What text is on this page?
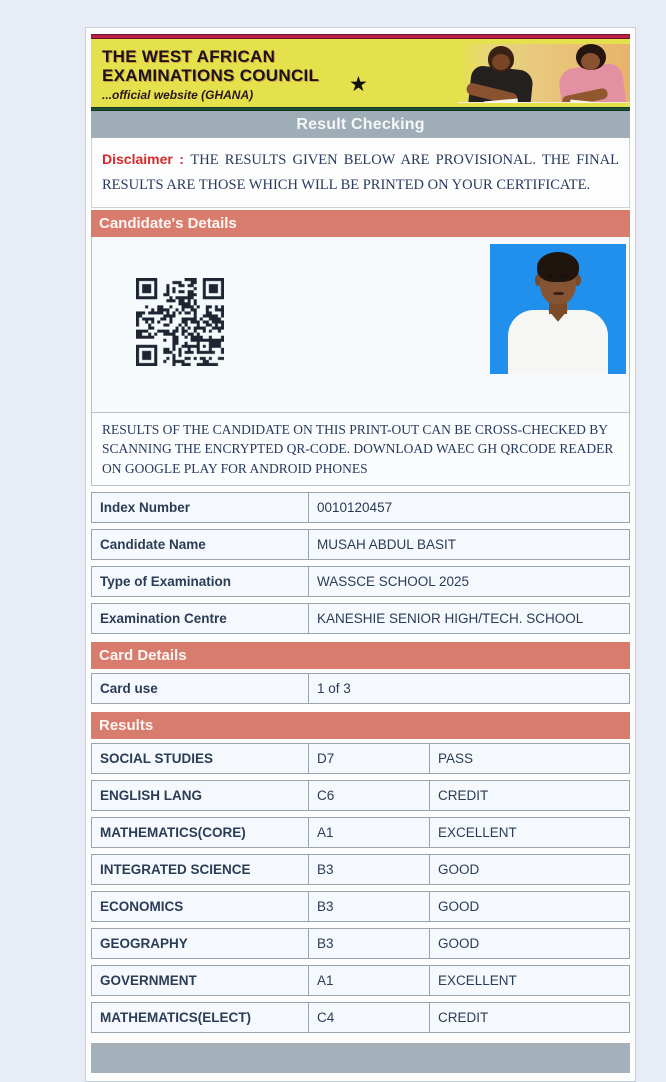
THE WEST AFRICAN
EXAMINATIONS COUNCIL
...official website (GHANA)	★
Result Checking
Disclaimer : THE RESULTS GIVEN BELOW ARE PROVISIONAL. THE FINAL RESULTS ARE THOSE WHICH WILL BE PRINTED ON YOUR CERTIFICATE.
Candidate's Details
RESULTS OF THE CANDIDATE ON THIS PRINT-OUT CAN BE CROSS-CHECKED BY SCANNING THE ENCRYPTED QR-CODE. DOWNLOAD WAEC GH QRCODE READER ON GOOGLE PLAY FOR ANDROID PHONES
Index Number	0010120457
Candidate Name	MUSAH ABDUL BASIT
Type of Examination	WASSCE SCHOOL 2025
Examination Centre	KANESHIE SENIOR HIGH/TECH. SCHOOL
Card Details
Card use	1 of 3
Results
SOCIAL STUDIES	D7	PASS
ENGLISH LANG	C6	CREDIT
MATHEMATICS(CORE)	A1	EXCELLENT
INTEGRATED SCIENCE	B3	GOOD
ECONOMICS	B3	GOOD
GEOGRAPHY	B3	GOOD
GOVERNMENT	A1	EXCELLENT
MATHEMATICS(ELECT)	C4	CREDIT
